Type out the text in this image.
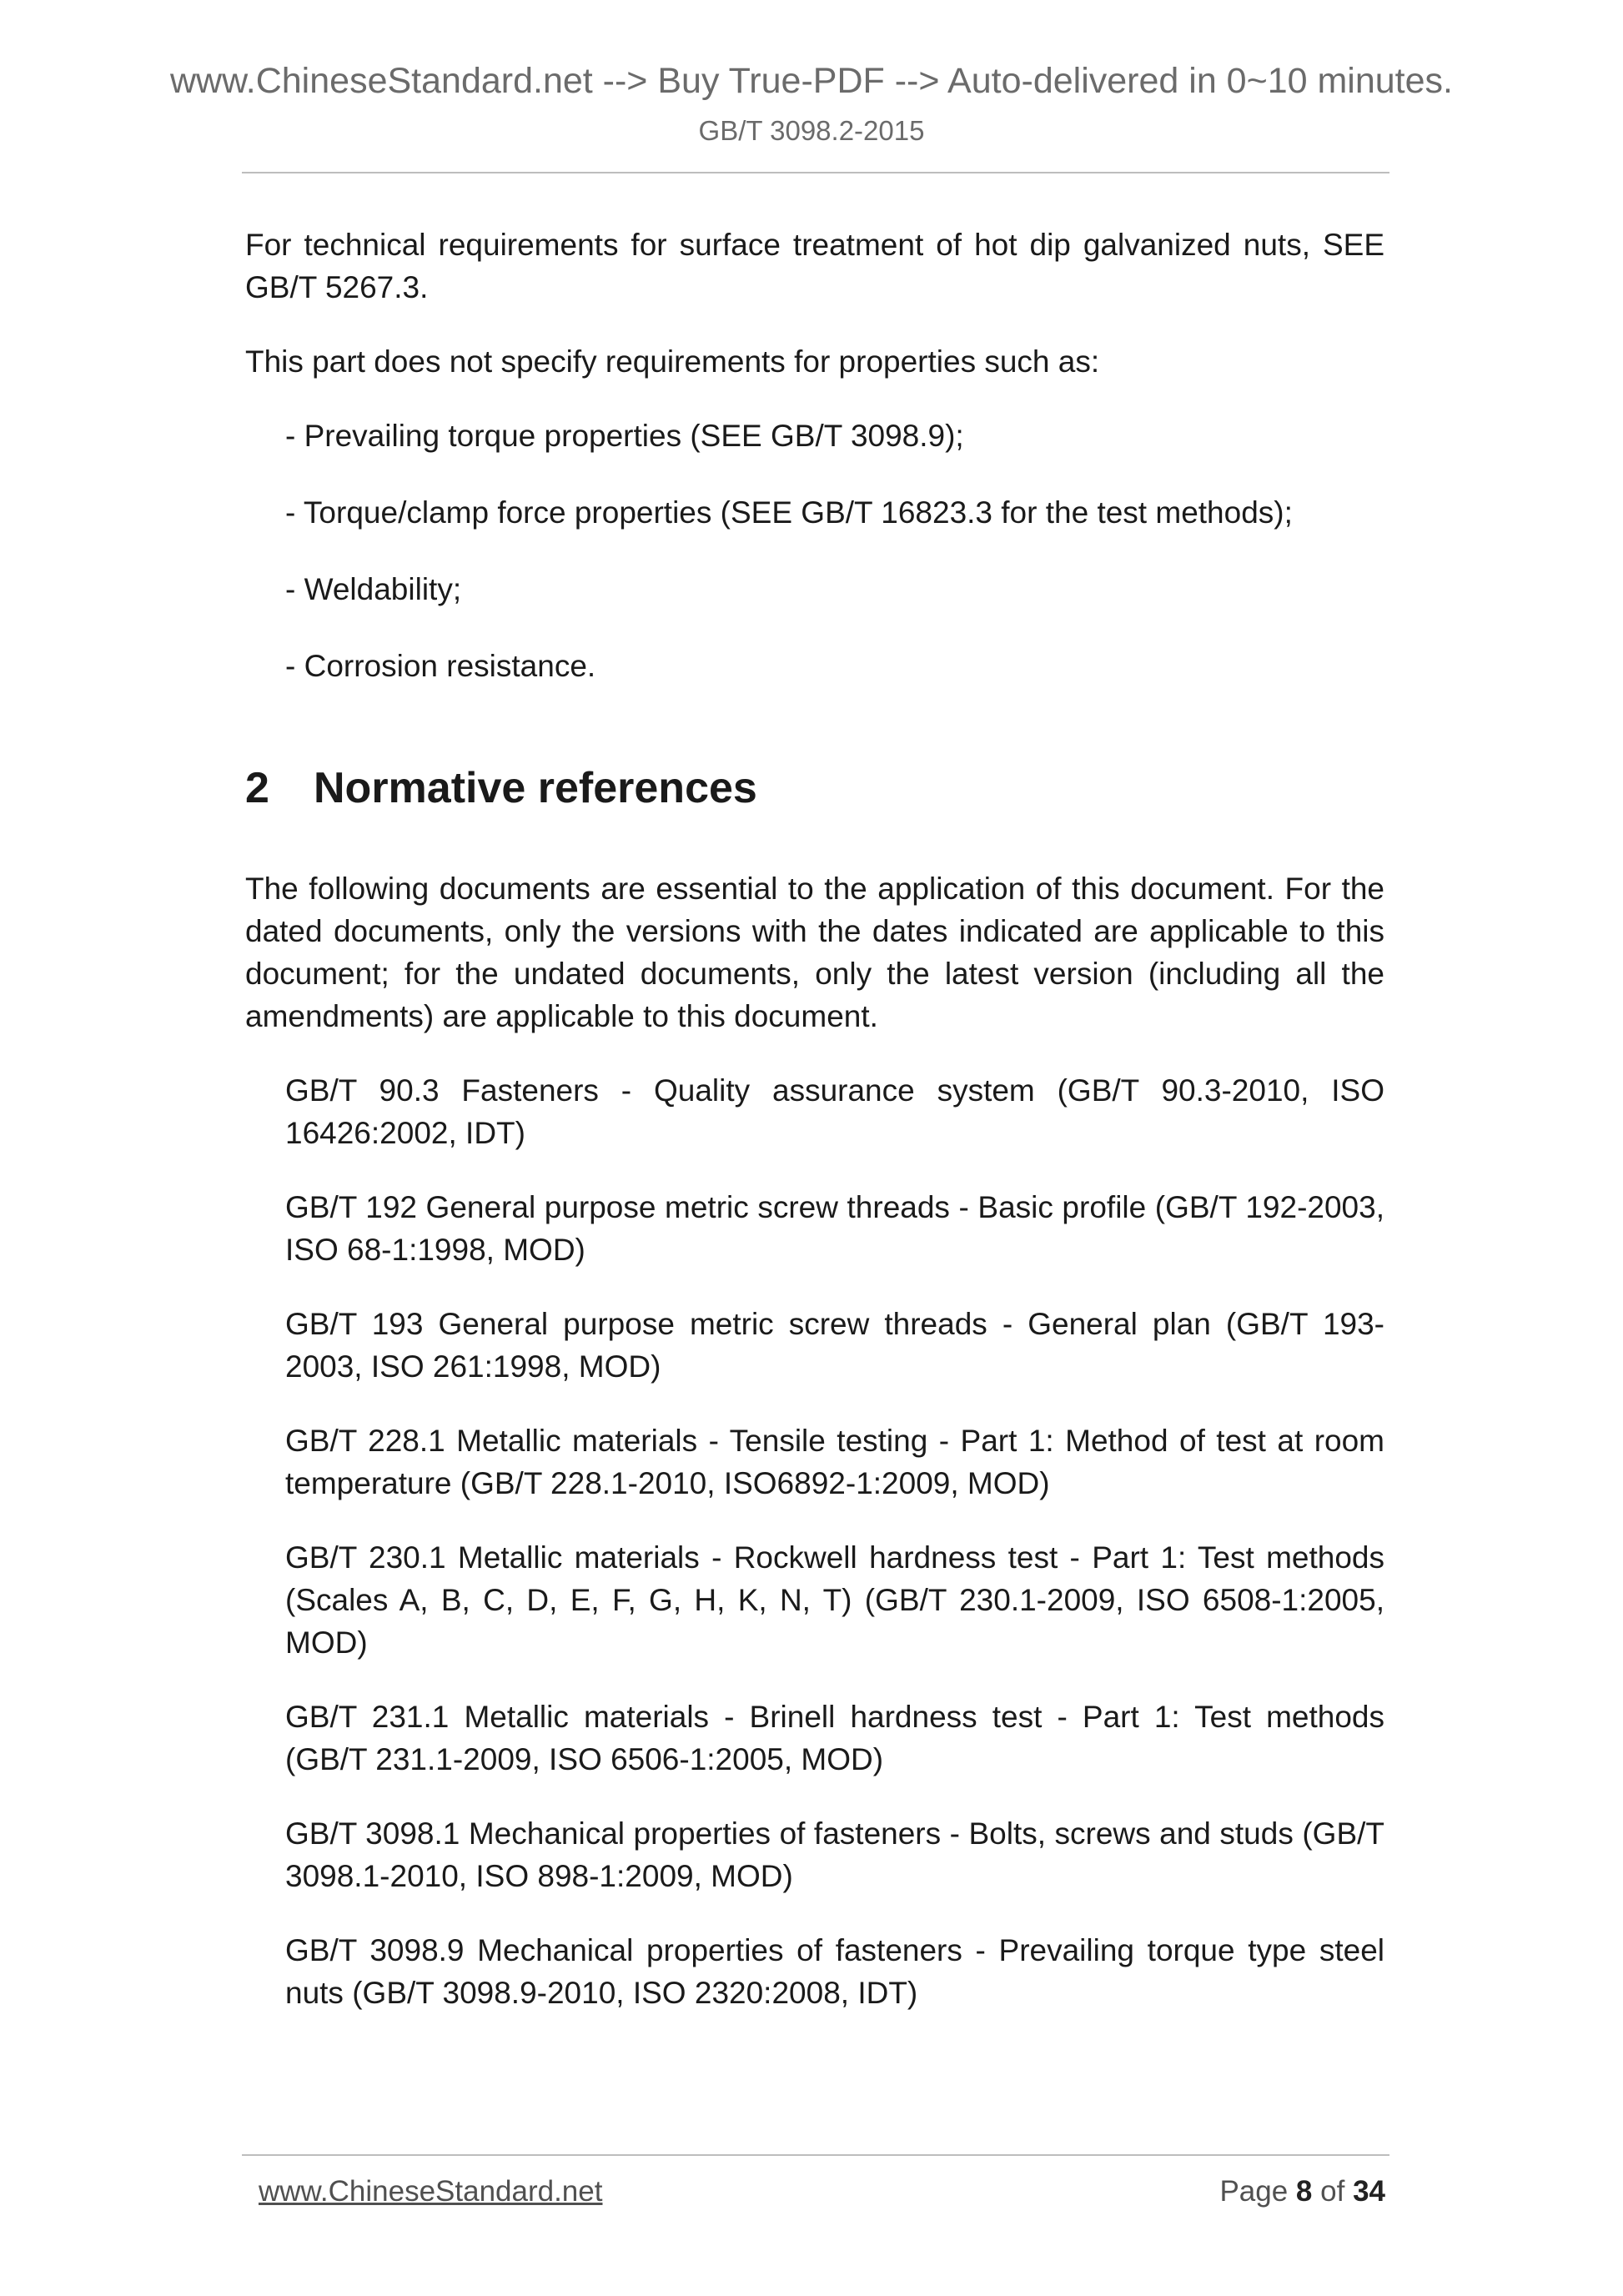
www.ChineseStandard.net --> Buy True-PDF --> Auto-delivered in 0~10 minutes.
GB/T 3098.2-2015

For technical requirements for surface treatment of hot dip galvanized nuts, SEE GB/T 5267.3.

This part does not specify requirements for properties such as:

- Prevailing torque properties (SEE GB/T 3098.9);

- Torque/clamp force properties (SEE GB/T 16823.3 for the test methods);

- Weldability;

- Corrosion resistance.

2	Normative references

The following documents are essential to the application of this document. For the dated documents, only the versions with the dates indicated are applicable to this document; for the undated documents, only the latest version (including all the amendments) are applicable to this document.

GB/T 90.3 Fasteners - Quality assurance system (GB/T 90.3-2010, ISO 16426:2002, IDT)

GB/T 192 General purpose metric screw threads - Basic profile (GB/T 192-2003, ISO 68-1:1998, MOD)

GB/T 193 General purpose metric screw threads - General plan (GB/T 193-2003, ISO 261:1998, MOD)

GB/T 228.1 Metallic materials - Tensile testing - Part 1: Method of test at room temperature (GB/T 228.1-2010, ISO6892-1:2009, MOD)

GB/T 230.1 Metallic materials - Rockwell hardness test - Part 1: Test methods (Scales A, B, C, D, E, F, G, H, K, N, T) (GB/T 230.1-2009, ISO 6508-1:2005, MOD)

GB/T 231.1 Metallic materials - Brinell hardness test - Part 1: Test methods (GB/T 231.1-2009, ISO 6506-1:2005, MOD)

GB/T 3098.1 Mechanical properties of fasteners - Bolts, screws and studs (GB/T 3098.1-2010, ISO 898-1:2009, MOD)

GB/T 3098.9 Mechanical properties of fasteners - Prevailing torque type steel nuts (GB/T 3098.9-2010, ISO 2320:2008, IDT)

www.ChineseStandard.net	Page 8 of 34
